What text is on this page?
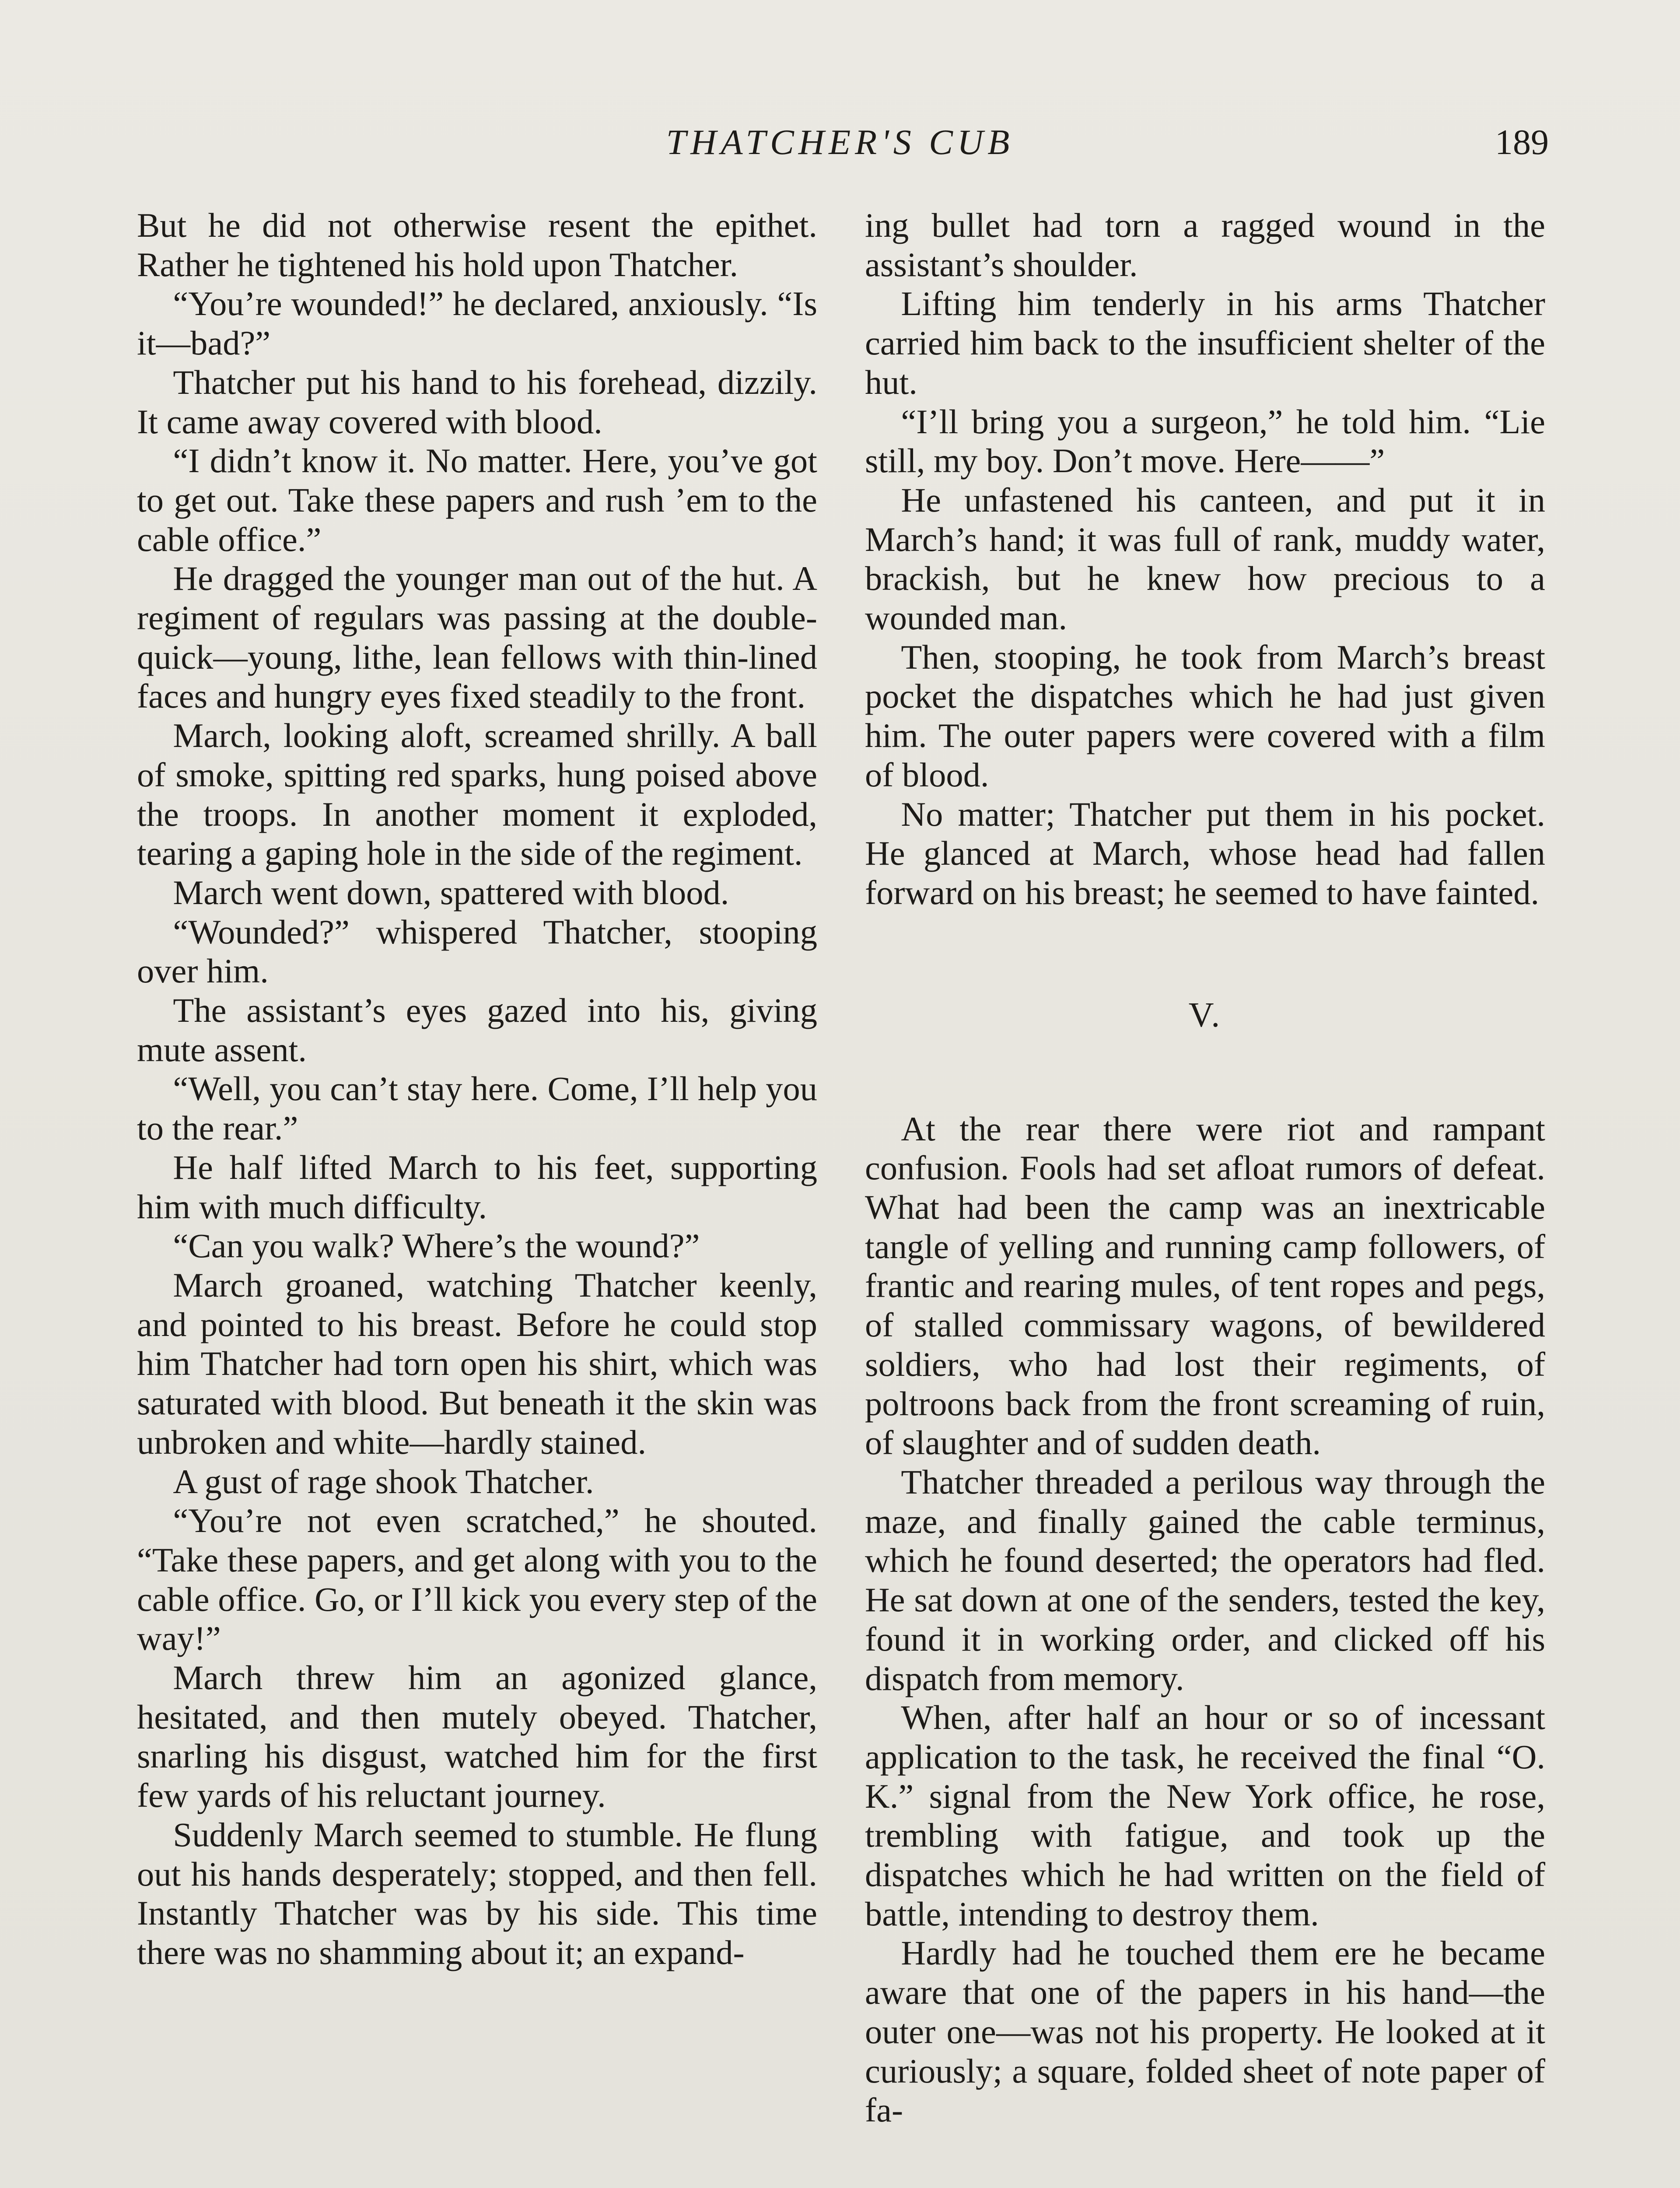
THATCHER'S CUB	189

But he did not otherwise resent the epithet. Rather he tightened his hold upon Thatcher.

“You’re wounded!” he declared, anxiously. “Is it—bad?”

Thatcher put his hand to his forehead, dizzily. It came away covered with blood.

“I didn’t know it. No matter. Here, you’ve got to get out. Take these papers and rush ’em to the cable office.”

He dragged the younger man out of the hut. A regiment of regulars was passing at the double-quick—young, lithe, lean fellows with thin-lined faces and hungry eyes fixed steadily to the front.

March, looking aloft, screamed shrilly. A ball of smoke, spitting red sparks, hung poised above the troops. In another moment it exploded, tearing a gaping hole in the side of the regiment.

March went down, spattered with blood.

“Wounded?” whispered Thatcher, stooping over him.

The assistant’s eyes gazed into his, giving mute assent.

“Well, you can’t stay here. Come, I’ll help you to the rear.”

He half lifted March to his feet, supporting him with much difficulty.

“Can you walk? Where’s the wound?”

March groaned, watching Thatcher keenly, and pointed to his breast. Before he could stop him Thatcher had torn open his shirt, which was saturated with blood. But beneath it the skin was unbroken and white—hardly stained.

A gust of rage shook Thatcher.

“You’re not even scratched,” he shouted. “Take these papers, and get along with you to the cable office. Go, or I’ll kick you every step of the way!”

March threw him an agonized glance, hesitated, and then mutely obeyed. Thatcher, snarling his disgust, watched him for the first few yards of his reluctant journey.

Suddenly March seemed to stumble. He flung out his hands desperately; stopped, and then fell. Instantly Thatcher was by his side. This time there was no shamming about it; an expand-

ing bullet had torn a ragged wound in the assistant’s shoulder.

Lifting him tenderly in his arms Thatcher carried him back to the insufficient shelter of the hut.

“I’ll bring you a surgeon,” he told him. “Lie still, my boy. Don’t move. Here——”

He unfastened his canteen, and put it in March’s hand; it was full of rank, muddy water, brackish, but he knew how precious to a wounded man.

Then, stooping, he took from March’s breast pocket the dispatches which he had just given him. The outer papers were covered with a film of blood.

No matter; Thatcher put them in his pocket. He glanced at March, whose head had fallen forward on his breast; he seemed to have fainted.

V.

At the rear there were riot and rampant confusion. Fools had set afloat rumors of defeat. What had been the camp was an inextricable tangle of yelling and running camp followers, of frantic and rearing mules, of tent ropes and pegs, of stalled commissary wagons, of bewildered soldiers, who had lost their regiments, of poltroons back from the front screaming of ruin, of slaughter and of sudden death.

Thatcher threaded a perilous way through the maze, and finally gained the cable terminus, which he found deserted; the operators had fled. He sat down at one of the senders, tested the key, found it in working order, and clicked off his dispatch from memory.

When, after half an hour or so of incessant application to the task, he received the final “O. K.” signal from the New York office, he rose, trembling with fatigue, and took up the dispatches which he had written on the field of battle, intending to destroy them.

Hardly had he touched them ere he became aware that one of the papers in his hand—the outer one—was not his property. He looked at it curiously; a square, folded sheet of note paper of fa-
